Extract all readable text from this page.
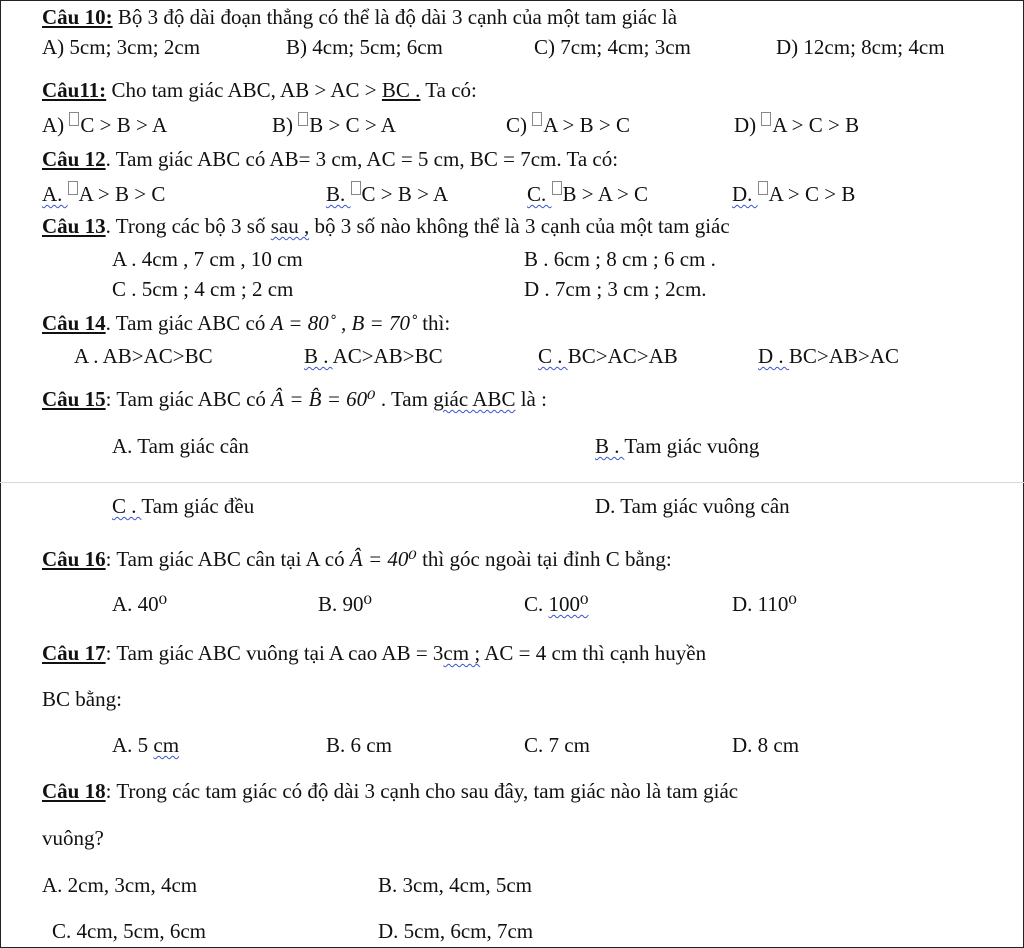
Câu 10: Bộ 3 độ dài đoạn thẳng có thể là độ dài 3 cạnh của một tam giác là
A) 5cm; 3cm; 2cm	B) 4cm; 5cm; 6cm	C) 7cm; 4cm; 3cm	D) 12cm; 8cm; 4cm
Câu11: Cho tam giác ABC, AB > AC > BC . Ta có:
A) C > B > A	B) B > C > A	C) A > B > C	D) A > C > B
Câu 12. Tam giác ABC có AB= 3 cm, AC = 5 cm, BC = 7cm. Ta có:
A. A > B > C	B. C > B > A	C. B > A > C	D. A > C > B
Câu 13. Trong các bộ 3 số sau , bộ 3 số nào không thể là 3 cạnh của một tam giác
A . 4cm , 7 cm , 10 cm	B . 6cm ; 8 cm ; 6 cm .
C . 5cm ; 4 cm ; 2 cm	D . 7cm ; 3 cm ; 2cm.
Câu 14. Tam giác ABC có A = 80˚ , B = 70˚ thì:
A . AB>AC>BC	B . AC>AB>BC	C . BC>AC>AB	D . BC>AB>AC
Câu 15: Tam giác ABC có Â = B̂ = 60⁰ . Tam giác ABC là :
A. Tam giác cân	B . Tam giác vuông
C . Tam giác đều	D. Tam giác vuông cân
Câu 16: Tam giác ABC cân tại A có Â = 40⁰ thì góc ngoài tại đỉnh C bằng:
A. 40⁰	B. 90⁰	C. 100⁰	D. 110⁰
Câu 17: Tam giác ABC vuông tại A cao AB = 3cm ; AC = 4 cm thì cạnh huyền
BC bằng:
A. 5 cm	B. 6 cm	C. 7 cm	D. 8 cm
Câu 18: Trong các tam giác có độ dài 3 cạnh cho sau đây, tam giác nào là tam giác
vuông?
A. 2cm, 3cm, 4cm	B. 3cm, 4cm, 5cm
C. 4cm, 5cm, 6cm	D. 5cm, 6cm, 7cm
